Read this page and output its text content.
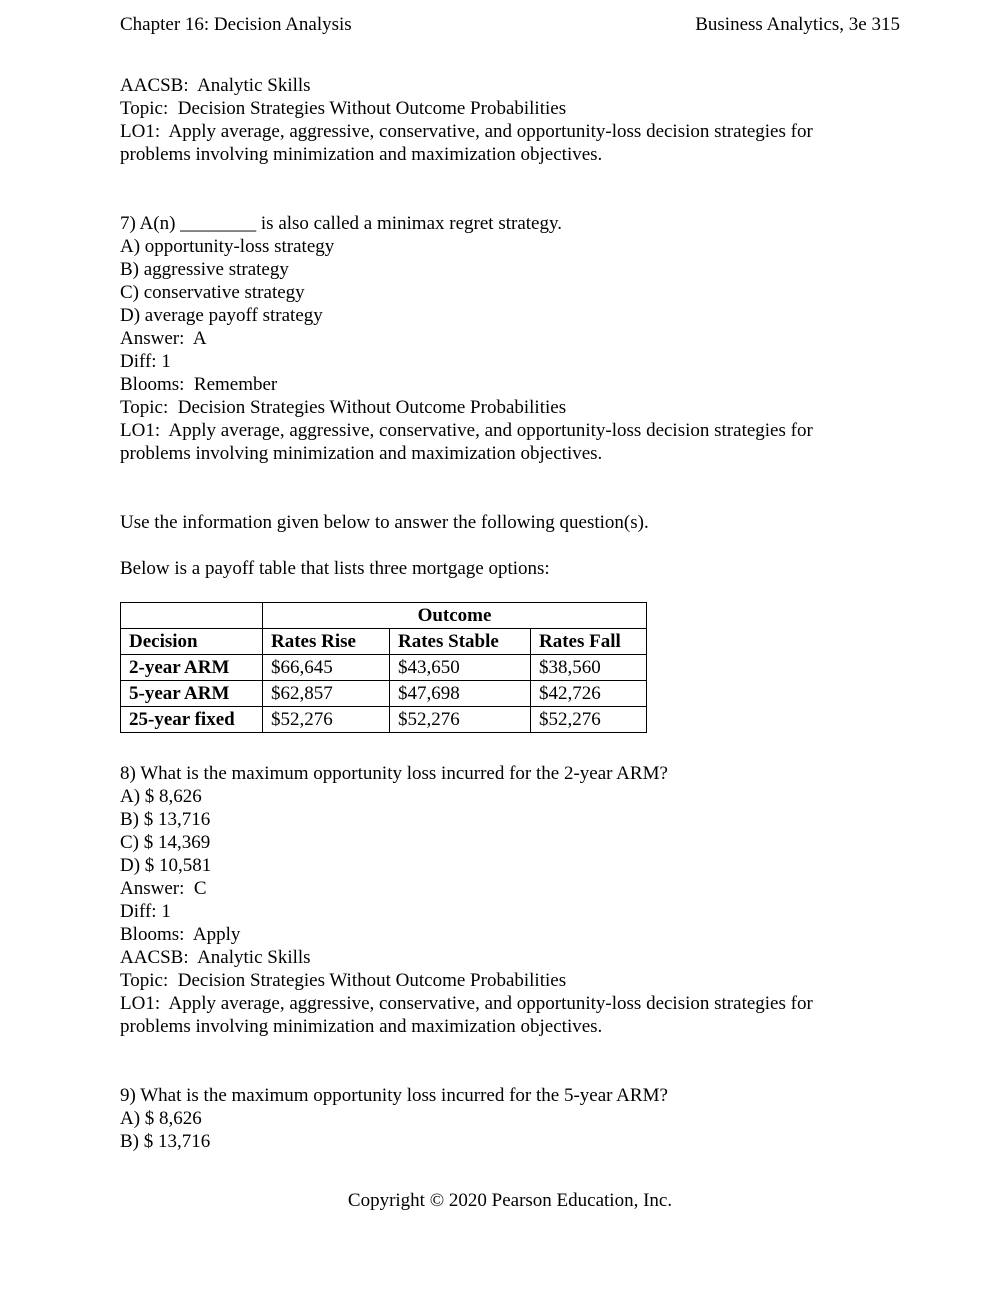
Chapter 16: Decision Analysis	Business Analytics, 3e 315
AACSB:  Analytic Skills
Topic:  Decision Strategies Without Outcome Probabilities
LO1:  Apply average, aggressive, conservative, and opportunity-loss decision strategies for
problems involving minimization and maximization objectives.
7) A(n) ________ is also called a minimax regret strategy.
A) opportunity-loss strategy
B) aggressive strategy
C) conservative strategy
D) average payoff strategy
Answer:  A
Diff: 1
Blooms:  Remember
Topic:  Decision Strategies Without Outcome Probabilities
LO1:  Apply average, aggressive, conservative, and opportunity-loss decision strategies for
problems involving minimization and maximization objectives.
Use the information given below to answer the following question(s).
Below is a payoff table that lists three mortgage options:
	Outcome		
Decision	Rates Rise	Rates Stable	Rates Fall
2-year ARM	$66,645	$43,650	$38,560
5-year ARM	$62,857	$47,698	$42,726
25-year fixed	$52,276	$52,276	$52,276
8) What is the maximum opportunity loss incurred for the 2-year ARM?
A) $ 8,626
B) $ 13,716
C) $ 14,369
D) $ 10,581
Answer:  C
Diff: 1
Blooms:  Apply
AACSB:  Analytic Skills
Topic:  Decision Strategies Without Outcome Probabilities
LO1:  Apply average, aggressive, conservative, and opportunity-loss decision strategies for
problems involving minimization and maximization objectives.
9) What is the maximum opportunity loss incurred for the 5-year ARM?
A) $ 8,626
B) $ 13,716
Copyright © 2020 Pearson Education, Inc.
